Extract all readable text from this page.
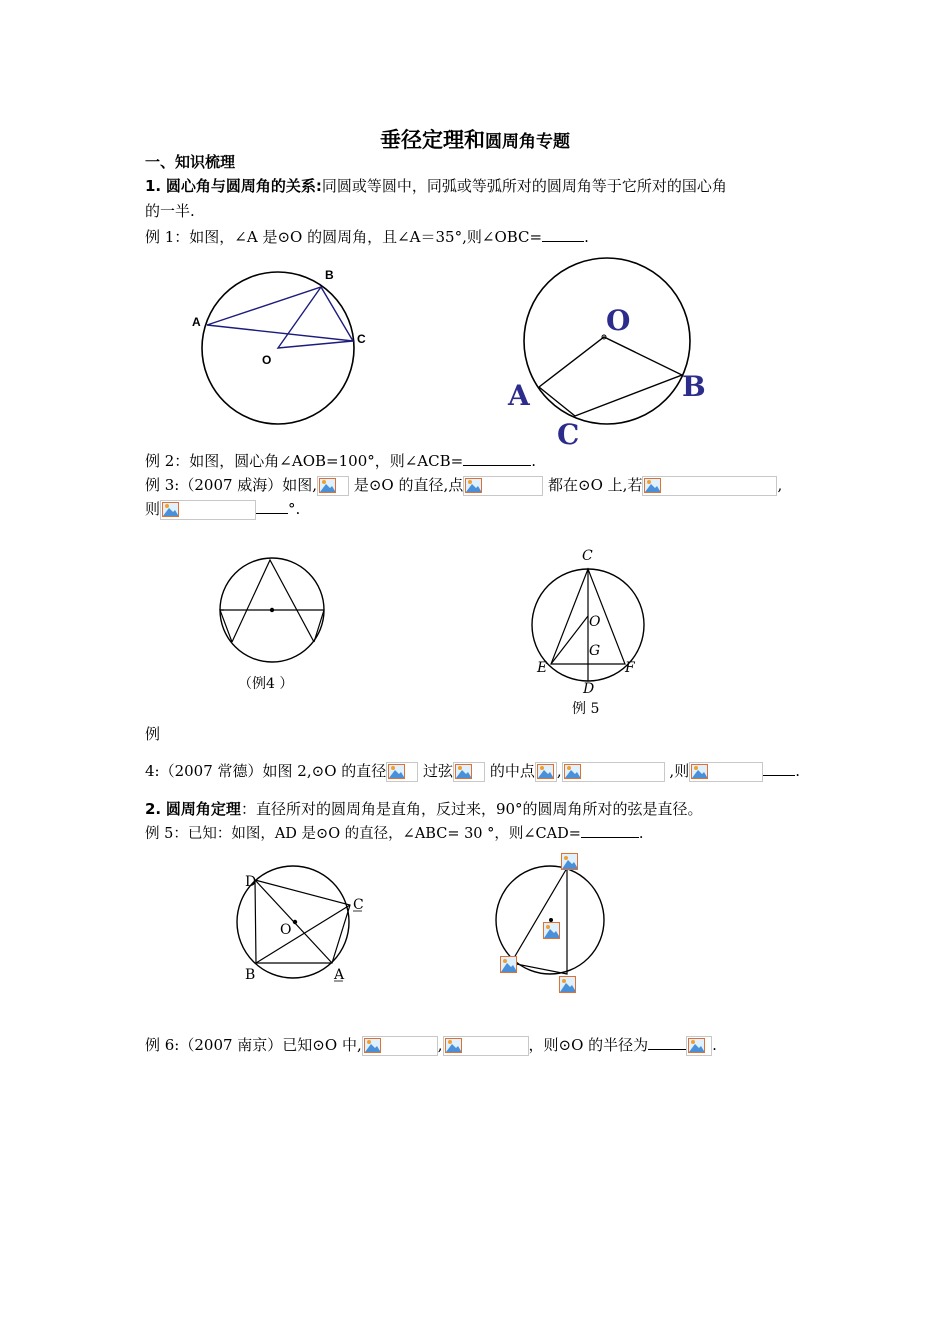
垂径定理和圆周角专题
一、知识梳理
1. 圆心角与圆周角的关系:同圆或等圆中，同弧或等弧所对的圆周角等于它所对的国心角
的一半.
例 1：如图，∠A 是⊙O 的圆周角，且∠A＝35°,则∠OBC=	.
A
B
C
O
O
A	B
C
例 2：如图，圆心角∠AOB=100°，则∠ACB=	.
例 3:（2007 威海）如图, 是⊙O 的直径,点	都在⊙O 上,若	,
则	°.
（例4 ）
C
O
G
E	F
D
例 5
例
4:（2007 常德）如图 2,⊙O 的直径 过弦 的中点 ,	,则	.
2. 圆周角定理：直径所对的圆周角是直角，反过来，90°的圆周角所对的弦是直径。
例 5：已知：如图，AD 是⊙O 的直径，∠ABC= 30 °，则∠CAD=	.
D
C
O
B	A
例 6:（2007 南京）已知⊙O 中,	,	，则⊙O 的半径为	.
